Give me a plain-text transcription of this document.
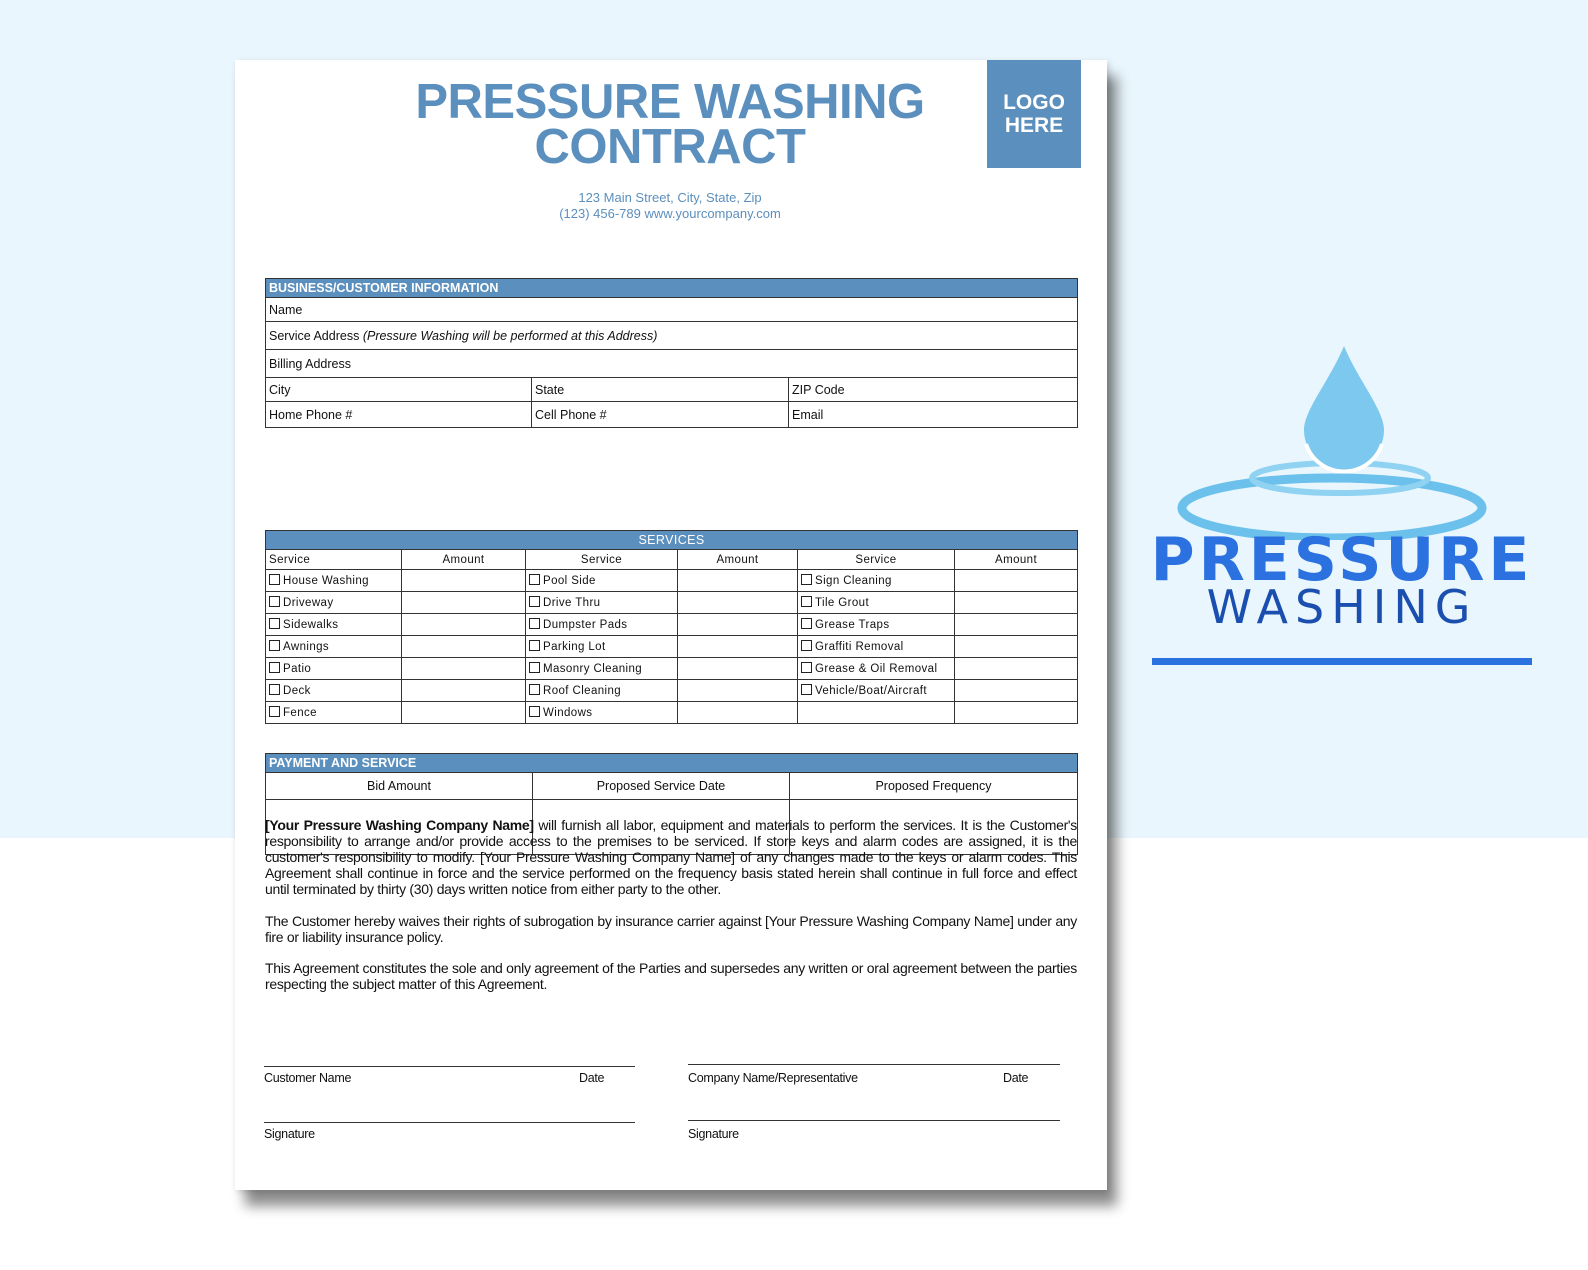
PRESSURE WASHING
CONTRACT
LOGO
HERE
123 Main Street, City, State, Zip
(123) 456-789 www.yourcompany.com
BUSINESS/CUSTOMER INFORMATION		
Name		
Service Address (Pressure Washing will be performed at this Address)		
Billing Address		
City	State	ZIP Code
Home Phone #	Cell Phone #	Email
SERVICES					
Service	Amount	Service	Amount	Service	Amount
House Washing		Pool Side		Sign Cleaning	
Driveway		Drive Thru		Tile Grout	
Sidewalks		Dumpster Pads		Grease Traps	
Awnings		Parking Lot		Graffiti Removal	
Patio		Masonry Cleaning		Grease & Oil Removal	
Deck		Roof Cleaning		Vehicle/Boat/Aircraft	
Fence		Windows			
PAYMENT AND SERVICE		
Bid Amount	Proposed Service Date	Proposed Frequency

[Your Pressure Washing Company Name] will furnish all labor, equipment and materials to perform the services. It is the Customer's responsibility to arrange and/or provide access to the premises to be serviced. If store keys and alarm codes are assigned, it is the customer's responsibility to modify. [Your Pressure Washing Company Name] of any changes made to the keys or alarm codes. This Agreement shall continue in force and the service performed on the frequency basis stated herein shall continue in full force and effect until terminated by thirty (30) days written notice from either party to the other.

The Customer hereby waives their rights of subrogation by insurance carrier against [Your Pressure Washing Company Name] under any fire or liability insurance policy.

This Agreement constitutes the sole and only agreement of the Parties and supersedes any written or oral agreement between the parties respecting the subject matter of this Agreement.

Customer Name	Date
Signature
Company Name/Representative	Date
Signature
PRESSURE
WASHING
